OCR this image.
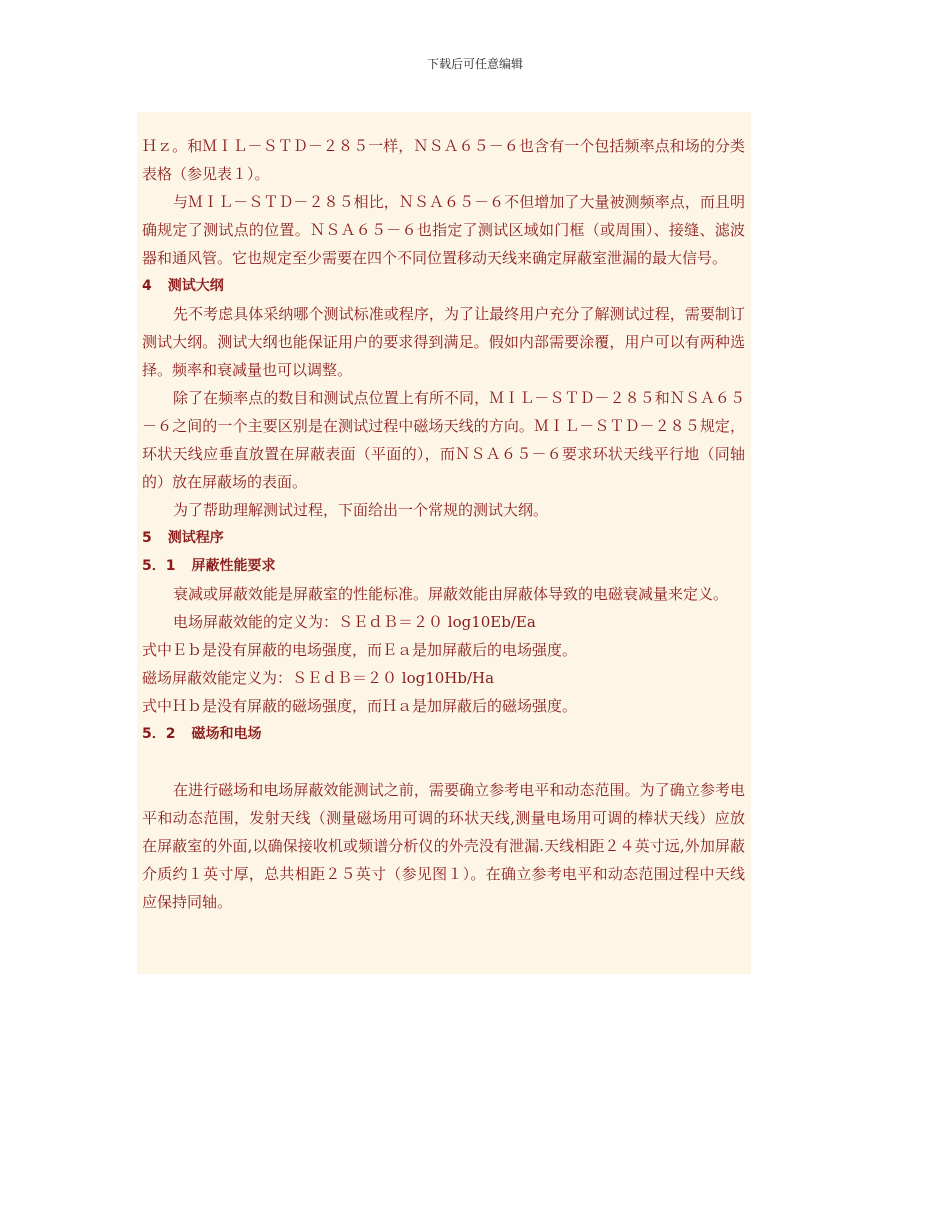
下载后可任意编辑

Ｈｚ。和ＭＩＬ－ＳＴＤ－２８５一样，ＮＳＡ６５－６也含有一个包括频率点和场的分类表格（参见表１）。

与ＭＩＬ－ＳＴＤ－２８５相比，ＮＳＡ６５－６不但增加了大量被测频率点，而且明确规定了测试点的位置。ＮＳＡ６５－６也指定了测试区域如门框（或周围）、接缝、滤波器和通风管。它也规定至少需要在四个不同位置移动天线来确定屏蔽室泄漏的最大信号。

4 测试大纲

先不考虑具体采纳哪个测试标准或程序，为了让最终用户充分了解测试过程，需要制订测试大纲。测试大纲也能保证用户的要求得到满足。假如内部需要涂覆，用户可以有两种选择。频率和衰减量也可以调整。

除了在频率点的数目和测试点位置上有所不同，ＭＩＬ－ＳＴＤ－２８５和ＮＳＡ６５－６之间的一个主要区别是在测试过程中磁场天线的方向。ＭＩＬ－ＳＴＤ－２８５规定，环状天线应垂直放置在屏蔽表面（平面的），而ＮＳＡ６５－６要求环状天线平行地（同轴的）放在屏蔽场的表面。

为了帮助理解测试过程，下面给出一个常规的测试大纲。

5 测试程序

5．1 屏蔽性能要求

衰减或屏蔽效能是屏蔽室的性能标准。屏蔽效能由屏蔽体导致的电磁衰减量来定义。

电场屏蔽效能的定义为：ＳＥｄＢ＝２０ log10Eb/Ea

式中Ｅｂ是没有屏蔽的电场强度，而Ｅａ是加屏蔽后的电场强度。

磁场屏蔽效能定义为：ＳＥｄＢ＝２０ log10Hb/Ha

式中Ｈｂ是没有屏蔽的磁场强度，而Ｈａ是加屏蔽后的磁场强度。

5．2 磁场和电场

在进行磁场和电场屏蔽效能测试之前，需要确立参考电平和动态范围。为了确立参考电平和动态范围，发射天线（测量磁场用可调的环状天线,测量电场用可调的棒状天线）应放在屏蔽室的外面,以确保接收机或频谱分析仪的外壳没有泄漏.天线相距２４英寸远,外加屏蔽介质约１英寸厚，总共相距２５英寸（参见图１）。在确立参考电平和动态范围过程中天线应保持同轴。
